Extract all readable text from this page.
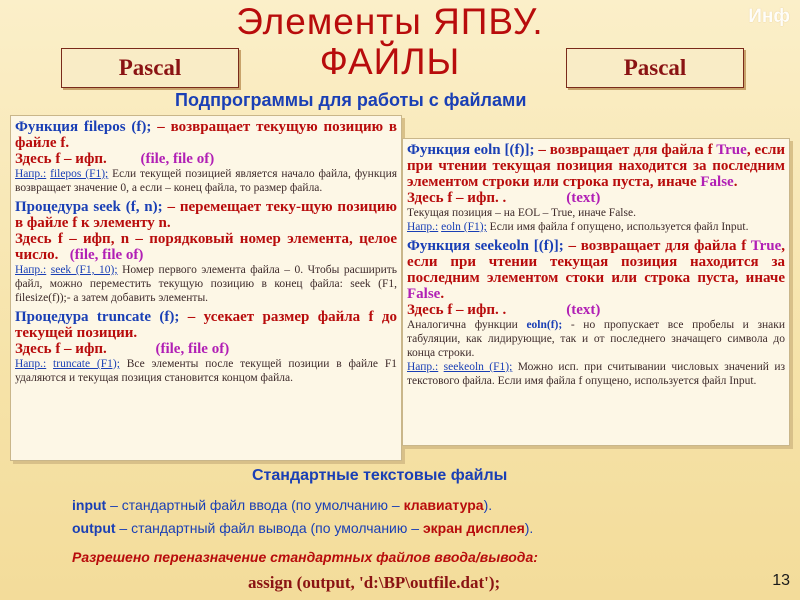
Элементы ЯПВУ.
ФАЙЛЫ
Инф
Pascal	Pascal
Подпрограммы для работы с файлами

Функция filepos (f); – возвращает текущую позицию в файле f.

Здесь f – ифп. (file, file of)

Напр.: filepos (F1); Если текущей позицией является начало файла, функция возвращает значение 0, а если – конец файла, то размер файла.

Процедура seek (f, n); – перемещает теку-щую позицию в файле f к элементу n.

Здесь f – ифп, n – порядковый номер элемента, целое число. (file, file of)

Напр.: seek (F1, 10); Номер первого элемента файла – 0. Чтобы расширить файл, можно переместить текущую позицию в конец файла: seek (F1, filesize(f));- а затем добавить элементы.

Процедура truncate (f); – усекает размер файла f до текущей позиции.

Здесь f – ифп.	(file, file of)

Напр.: truncate (F1); Все элементы после текущей позиции в файле F1 удаляются и текущая позиция становится концом файла.

Функция eoln [(f)]; – возвращает для файла f True, если при чтении текущая позиция находится за последним элементом строки или строка пуста, иначе False.

Здесь f – ифп. .	(text)

Текущая позиция – на EOL – True, иначе False.

Напр.: eoln (F1); Если имя файла f опущено, используется файл Input.

Функция seekeoln [(f)]; – возвращает для файла f True, если при чтении текущая позиция находится за последним элементом стоки или строка пуста, иначе False.

Здесь f – ифп. .	(text)

Аналогична функции eoln(f); - но пропускает все пробелы и знаки табуляции, как лидирующие, так и от последнего значащего символа до конца строки.

Напр.: seekeoln (F1); Можно исп. при считывании числовых значений из текстового файла. Если имя файла f опущено, используется файл Input.

Стандартные текстовые файлы
input – стандартный файл ввода (по умолчанию – клавиатура).
output – стандартный файл вывода (по умолчанию – экран дисплея).
Разрешено переназначение стандартных файлов ввода/вывода:
assign (output, 'd:\BP\outfile.dat');	13
